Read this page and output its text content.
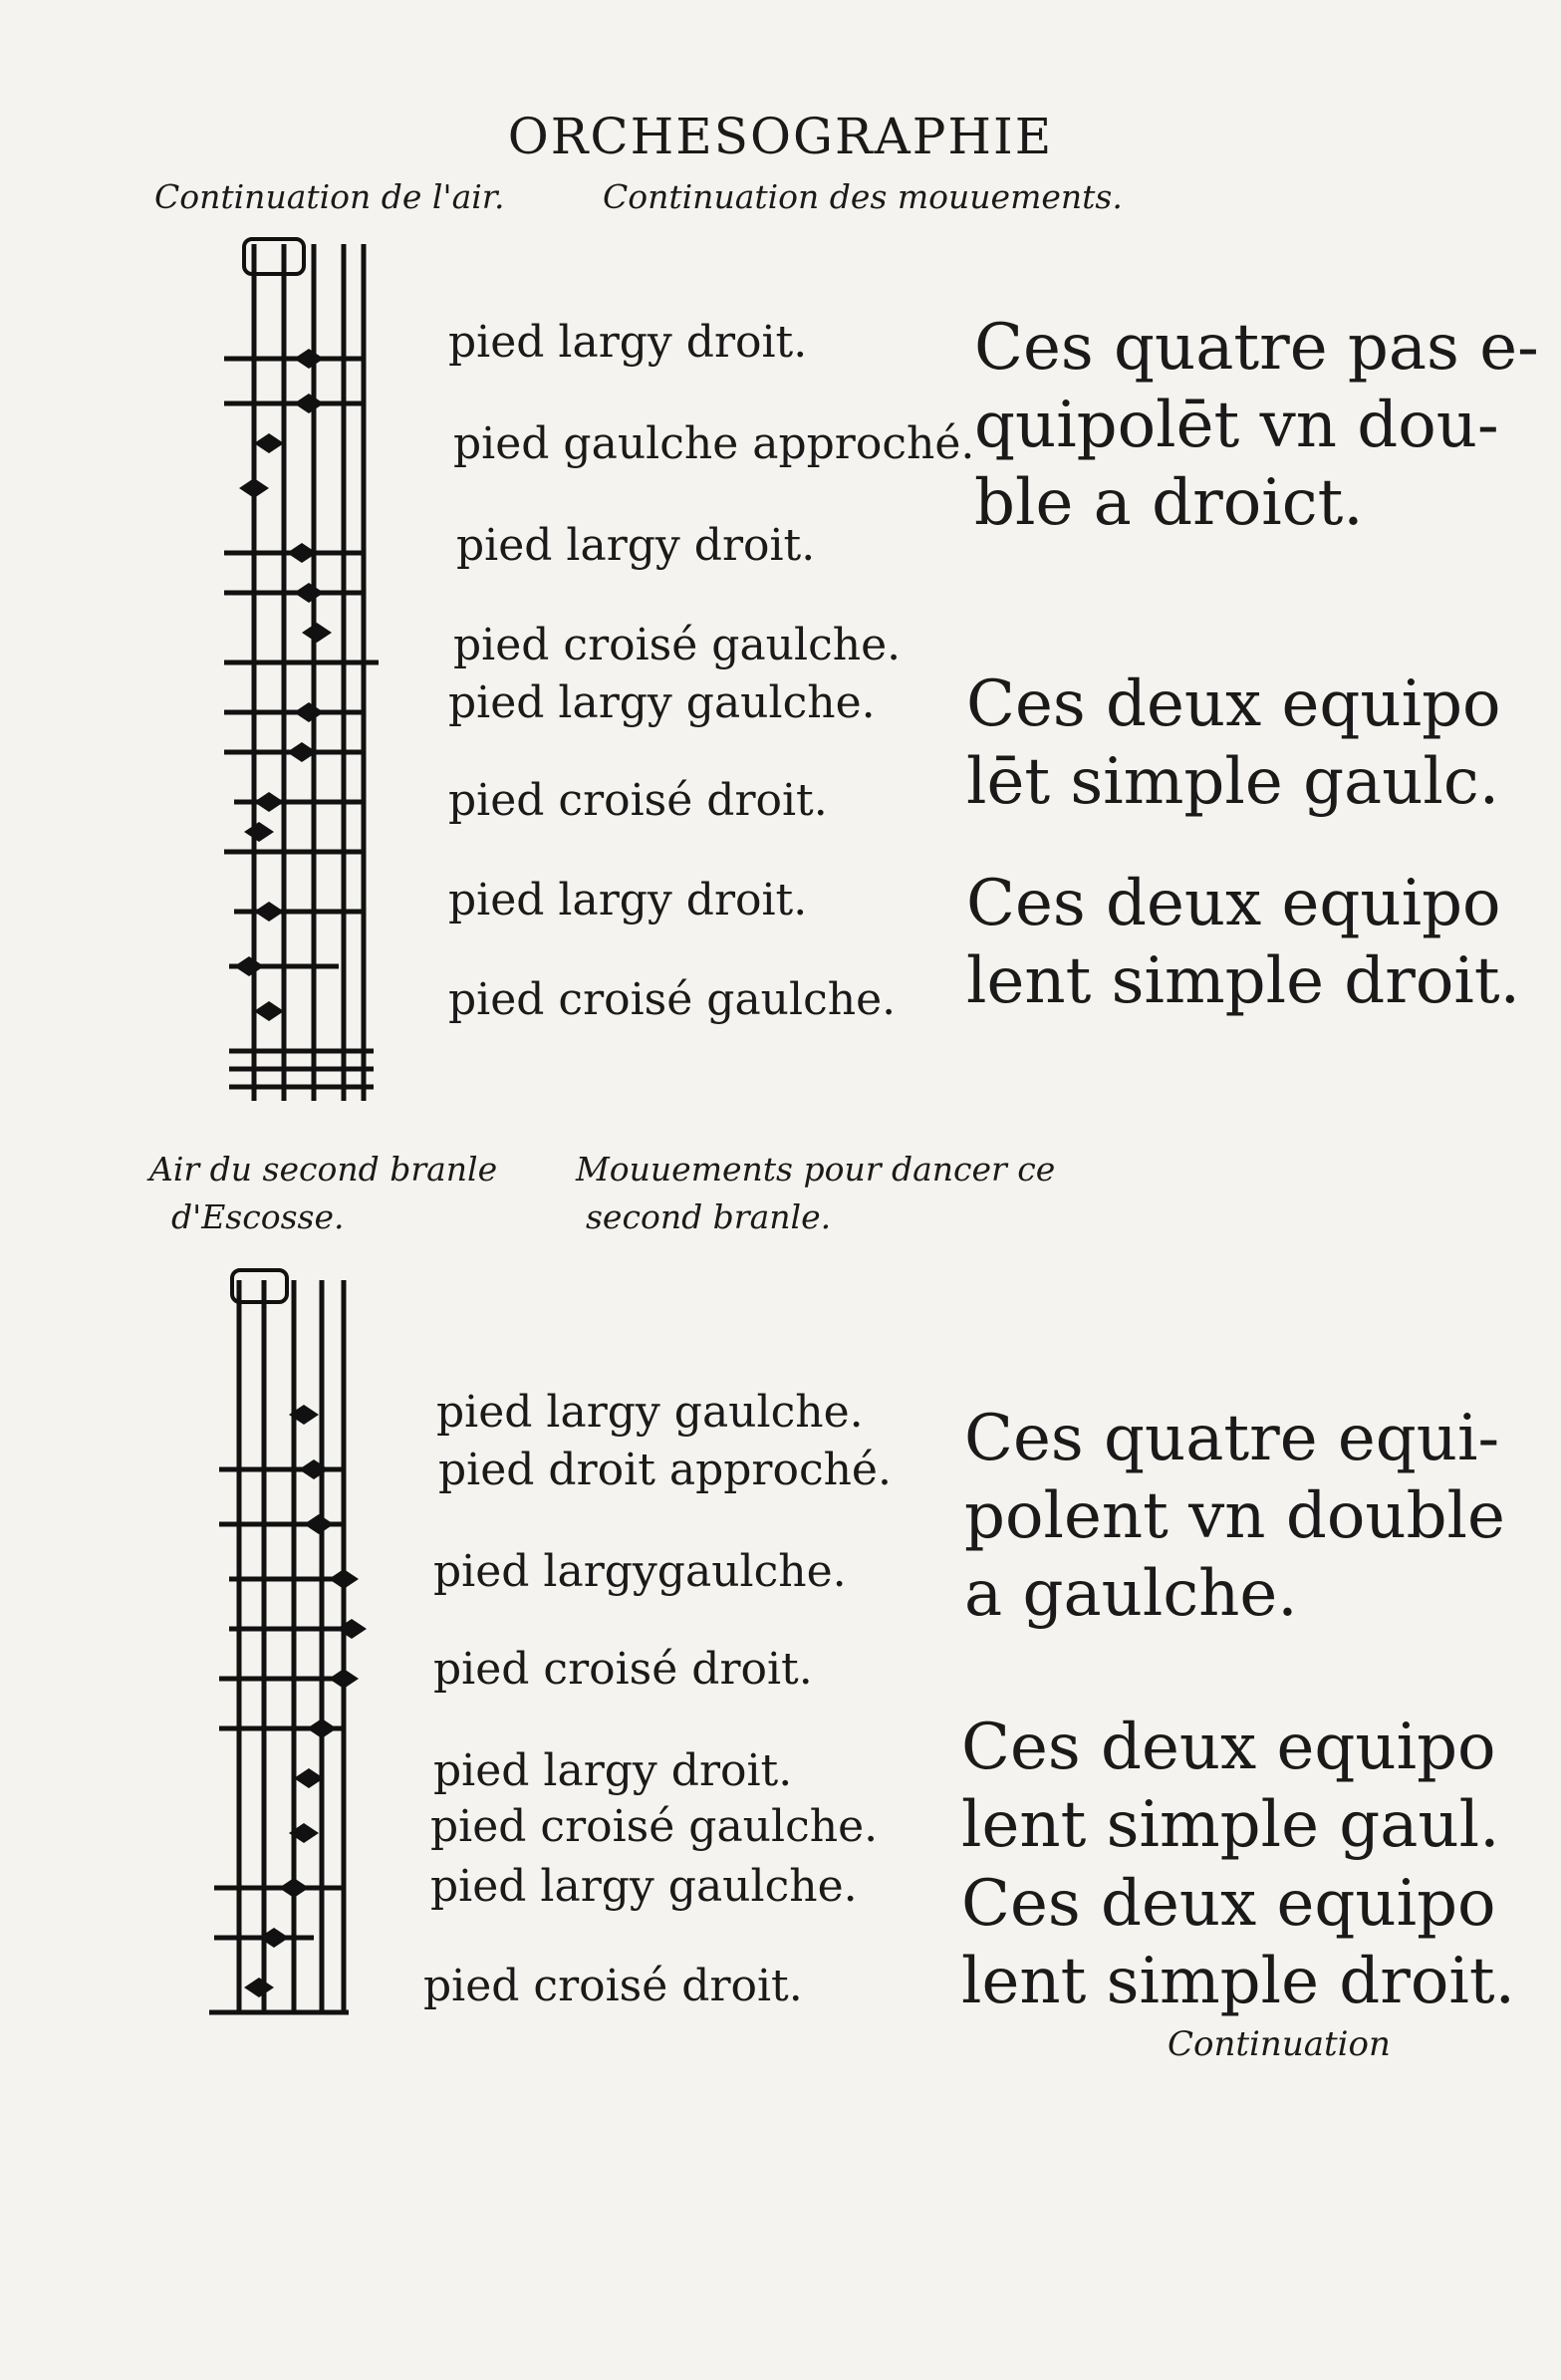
ORCHESOGRAPHIE
Continuation de l'air.	Continuation des mouuements.
pied largy droit.
pied gaulche approché.
pied largy droit.
pied croisé gaulche.
pied largy gaulche.
pied croisé droit.
pied largy droit.
pied croisé gaulche.
Ces quatre pas e-
quipolēt vn dou-
ble a droict.
Ces deux equipo
lēt simple gaulc.
Ces deux equipo
lent simple droit.
Air du second branle
d'Escosse.
Mouuements pour dancer ce
second branle.
pied largy gaulche.
pied droit approché.
pied largygaulche.
pied croisé droit.
pied largy droit.
pied croisé gaulche.
pied largy gaulche.
pied croisé droit.
Ces quatre equi-
polent vn double
a gaulche.
Ces deux equipo
lent simple gaul.
Ces deux equipo
lent simple droit.
Continuation
